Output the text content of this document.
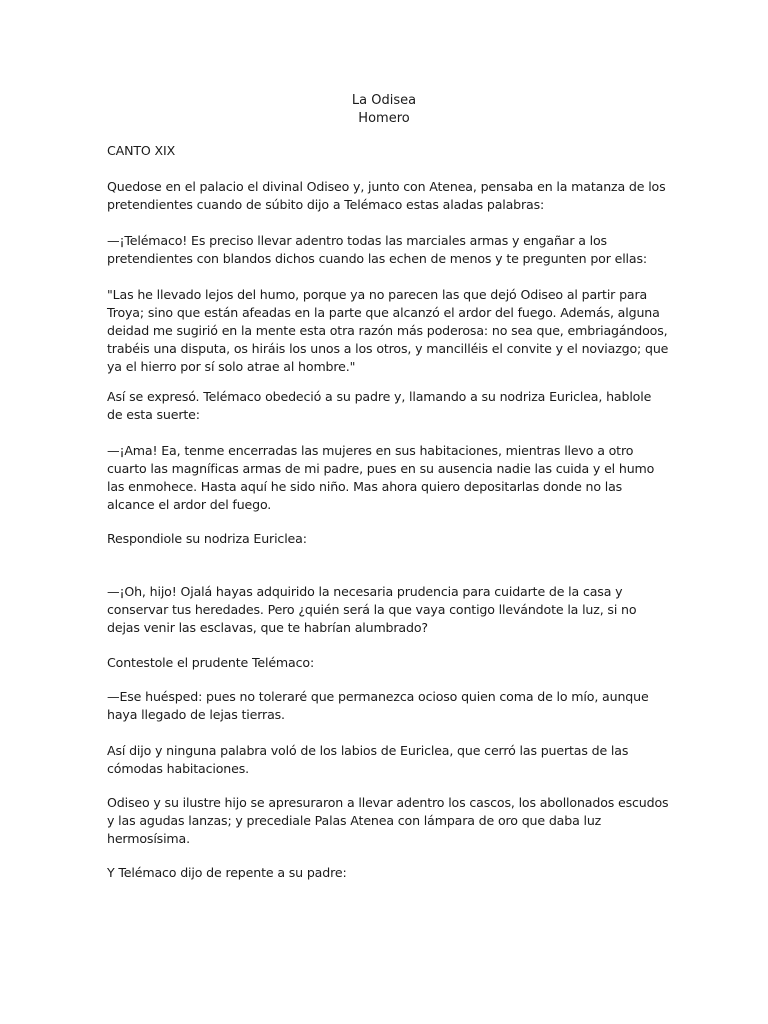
La Odisea
Homero

CANTO XIX

Quedose en el palacio el divinal Odiseo y, junto con Atenea, pensaba en la matanza de los pretendientes cuando de súbito dijo a Telémaco estas aladas palabras:

—¡Telémaco! Es preciso llevar adentro todas las marciales armas y engañar a los pretendientes con blandos dichos cuando las echen de menos y te pregunten por ellas:

"Las he llevado lejos del humo, porque ya no parecen las que dejó Odiseo al partir para Troya; sino que están afeadas en la parte que alcanzó el ardor del fuego. Además, alguna deidad me sugirió en la mente esta otra razón más poderosa: no sea que, embriagándoos, trabéis una disputa, os hiráis los unos a los otros, y mancilléis el convite y el noviazgo; que ya el hierro por sí solo atrae al hombre."

Así se expresó. Telémaco obedeció a su padre y, llamando a su nodriza Euriclea, hablole de esta suerte:

—¡Ama! Ea, tenme encerradas las mujeres en sus habitaciones, mientras llevo a otro cuarto las magníficas armas de mi padre, pues en su ausencia nadie las cuida y el humo las enmohece. Hasta aquí he sido niño. Mas ahora quiero depositarlas donde no las alcance el ardor del fuego.

Respondiole su nodriza Euriclea:

—¡Oh, hijo! Ojalá hayas adquirido la necesaria prudencia para cuidarte de la casa y conservar tus heredades. Pero ¿quién será la que vaya contigo llevándote la luz, si no dejas venir las esclavas, que te habrían alumbrado?

Contestole el prudente Telémaco:

—Ese huésped: pues no toleraré que permanezca ocioso quien coma de lo mío, aunque haya llegado de lejas tierras.

Así dijo y ninguna palabra voló de los labios de Euriclea, que cerró las puertas de las cómodas habitaciones.

Odiseo y su ilustre hijo se apresuraron a llevar adentro los cascos, los abollonados escudos y las agudas lanzas; y precediale Palas Atenea con lámpara de oro que daba luz hermosísima.

Y Telémaco dijo de repente a su padre:
